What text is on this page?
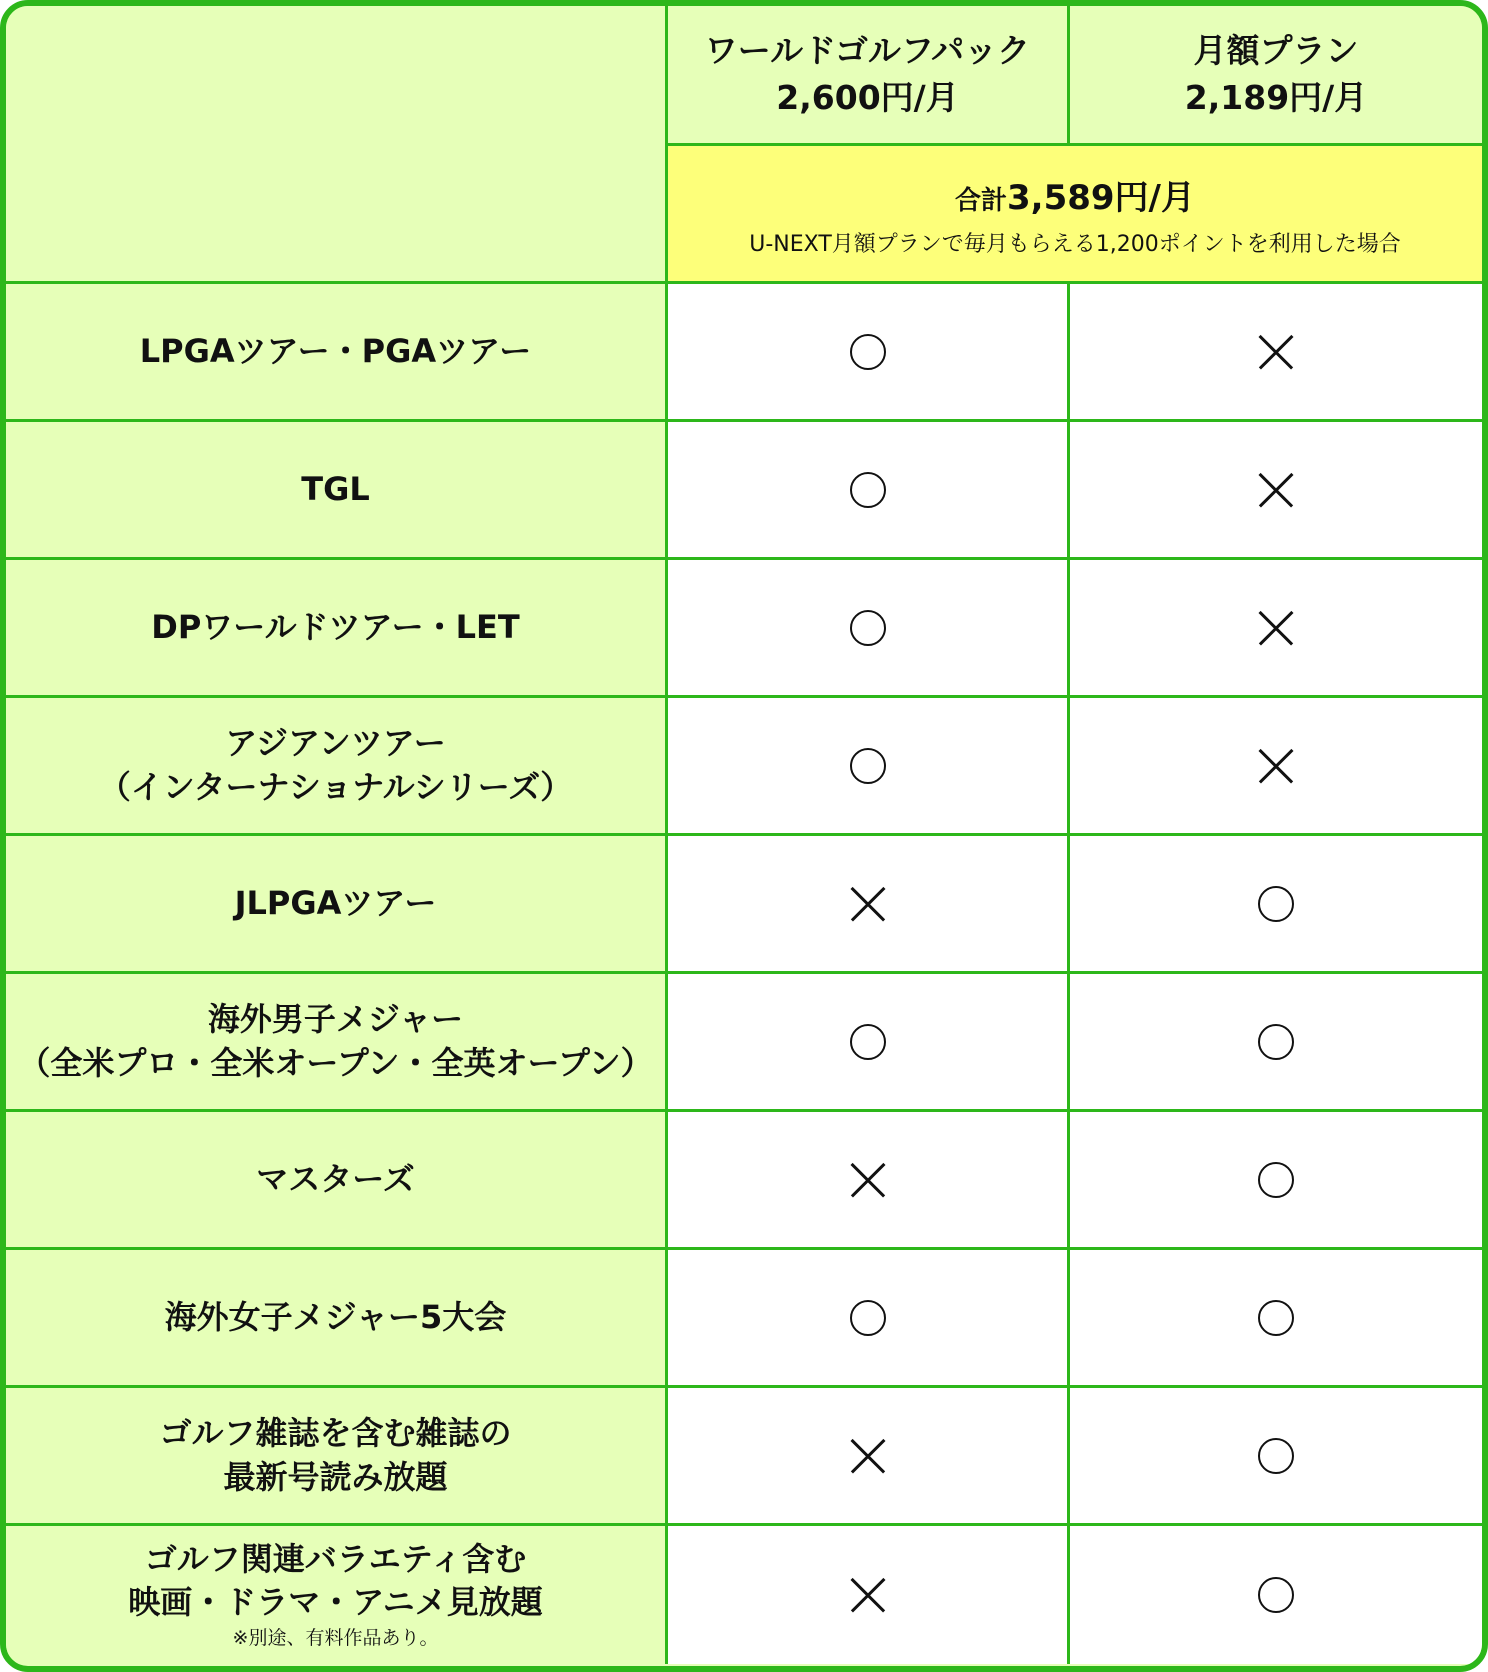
ワールドゴルフパック
2,600円/月
月額プラン
2,189円/月
合計3,589円/月
U-NEXT月額プランで毎月もらえる1,200ポイントを利用した場合
LPGAツアー・PGAツアー
TGL
DPワールドツアー・LET
アジアンツアー
（インターナショナルシリーズ）
JLPGAツアー
海外男子メジャー
（全米プロ・全米オープン・全英オープン）
マスターズ
海外女子メジャー5大会
ゴルフ雑誌を含む雑誌の
最新号読み放題
ゴルフ関連バラエティ含む
映画・ドラマ・アニメ見放題
※別途、有料作品あり。
